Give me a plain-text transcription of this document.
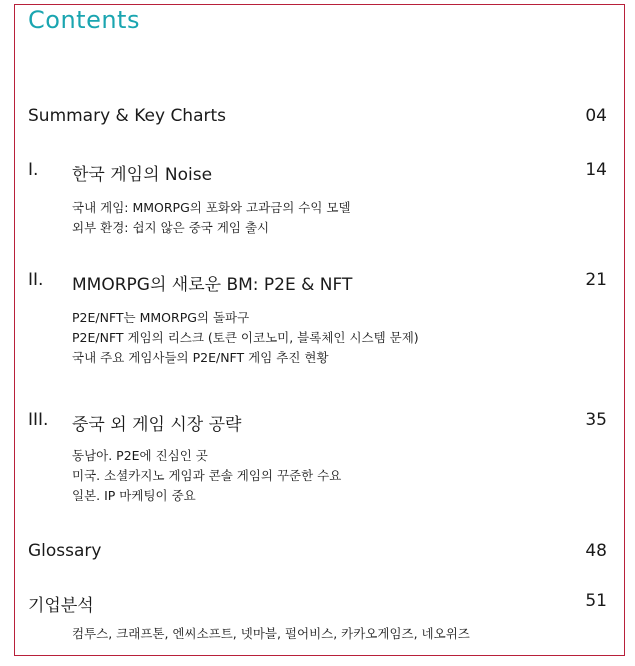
Contents
Summary & Key Charts	04
I. 한국 게임의 Noise	14
국내 게임: MMORPG의 포화와 고과금의 수익 모델
외부 환경: 쉽지 않은 중국 게임 출시
II. MMORPG의 새로운 BM: P2E & NFT	21
P2E/NFT는 MMORPG의 돌파구
P2E/NFT 게임의 리스크 (토큰 이코노미, 블록체인 시스템 문제)
국내 주요 게임사들의 P2E/NFT 게임 추진 현황
III. 중국 외 게임 시장 공략	35
동남아. P2E에 진심인 곳
미국. 소셜카지노 게임과 콘솔 게임의 꾸준한 수요
일본. IP 마케팅이 중요
Glossary	48
기업분석	51
컴투스, 크래프톤, 엔씨소프트, 넷마블, 펄어비스, 카카오게임즈, 네오위즈
